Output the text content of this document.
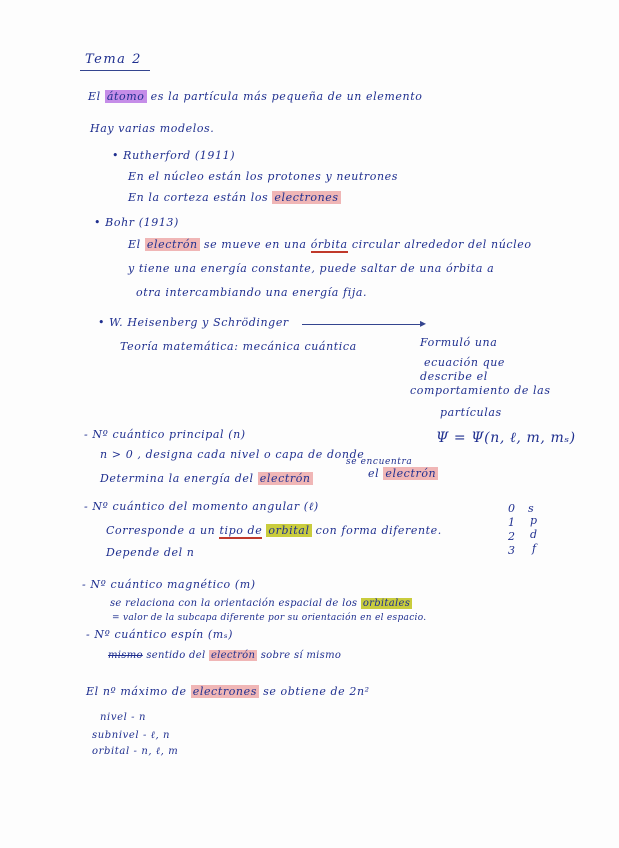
Tema 2
El átomo es la partícula más pequeña de un elemento
Hay varias modelos.
• Rutherford (1911)
En el núcleo están los protones y neutrones
En la corteza están los electrones
• Bohr (1913)
El electrón se mueve en una órbita circular alrededor del núcleo
y tiene una energía constante, puede saltar de una órbita a
otra intercambiando una energía fija.
• W. Heisenberg y Schrödinger	▸
Teoría matemática: mecánica cuántica	Formuló una
ecuación que
describe el
comportamiento de las
partículas
Ψ = Ψ(n, ℓ, m, mₛ)
- Nº cuántico principal (n)
n > 0 , designa cada nivel o capa de donde
se encuentra
el electrón
Determina la energía del electrón
- Nº cuántico del momento angular (ℓ)
Corresponde a un tipo de orbital con forma diferente.
Depende del n
0 s
1 p
2 d
3 f
- Nº cuántico magnético (m)
se relaciona con la orientación espacial de los orbitales
= valor de la subcapa diferente por su orientación en el espacio.
- Nº cuántico espín (mₛ)
mismo sentido del electrón sobre sí mismo
El nº máximo de electrones se obtiene de 2n²
nivel - n
subnivel - ℓ, n
orbital - n, ℓ, m
